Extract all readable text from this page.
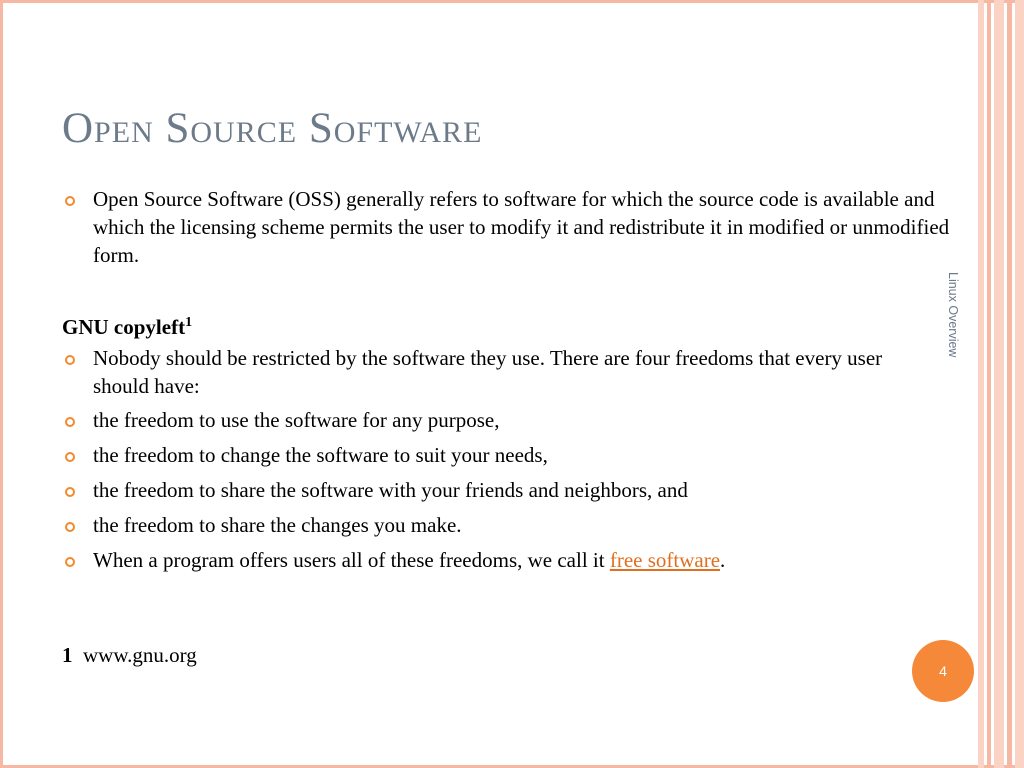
Open Source Software
Open Source Software (OSS) generally refers to software for which the source code is available and which the licensing scheme permits the user to modify it and redistribute it in modified or unmodified form.
GNU copyleft$^1$
Nobody should be restricted by the software they use. There are four freedoms that every user should have:
the freedom to use the software for any purpose,
the freedom to change the software to suit your needs,
the freedom to share the software with your friends and neighbors, and
the freedom to share the changes you make.
When a program offers users all of these freedoms, we call it free software.
1 www.gnu.org
Linux Overview
4
